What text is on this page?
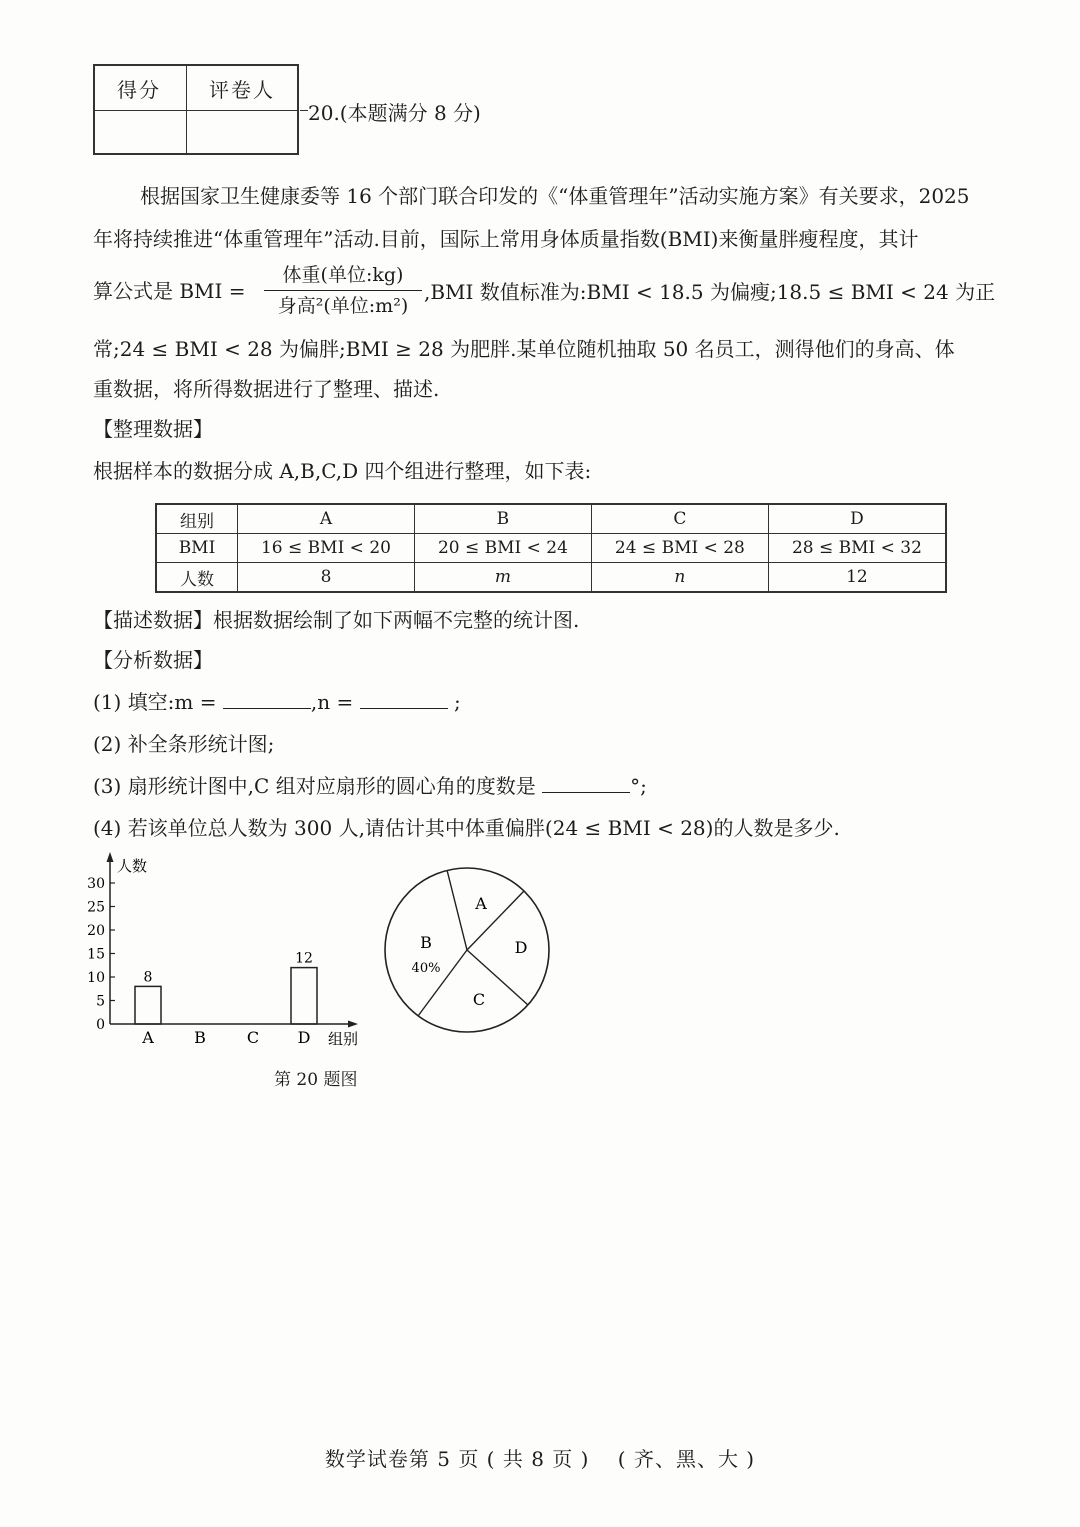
得分 评卷人
20.(本题满分 8 分)
根据国家卫生健康委等 16 个部门联合印发的《“体重管理年”活动实施方案》有关要求，2025
年将持续推进“体重管理年”活动.目前，国际上常用身体质量指数(BMI)来衡量胖瘦程度，其计
算公式是 BMI =
体重(单位:kg)
身高²(单位:m²)
,BMI 数值标准为:BMI < 18.5 为偏瘦;18.5 ≤ BMI < 24 为正
常;24 ≤ BMI < 28 为偏胖;BMI ≥ 28 为肥胖.某单位随机抽取 50 名员工，测得他们的身高、体
重数据，将所得数据进行了整理、描述.
【整理数据】
根据样本的数据分成 A,B,C,D 四个组进行整理，如下表:
组别	A	B	C	D
BMI	16 ≤ BMI < 20	20 ≤ BMI < 24	24 ≤ BMI < 28	28 ≤ BMI < 32
人数	8	m	n	12
【描述数据】根据数据绘制了如下两幅不完整的统计图.
【分析数据】
(1) 填空:m =	,n =	;
(2) 补全条形统计图;
(3) 扇形统计图中,C 组对应扇形的圆心角的度数是	°;
(4) 若该单位总人数为 300 人,请估计其中体重偏胖(24 ≤ BMI < 28)的人数是多少.
人数
组别
0
5
10
15
20
25
30
A
8
B	C D
12
A
B
40%
C
D
第 20 题图
数学试卷第 5 页 ( 共 8 页 )　 ( 齐、黑、大 )
